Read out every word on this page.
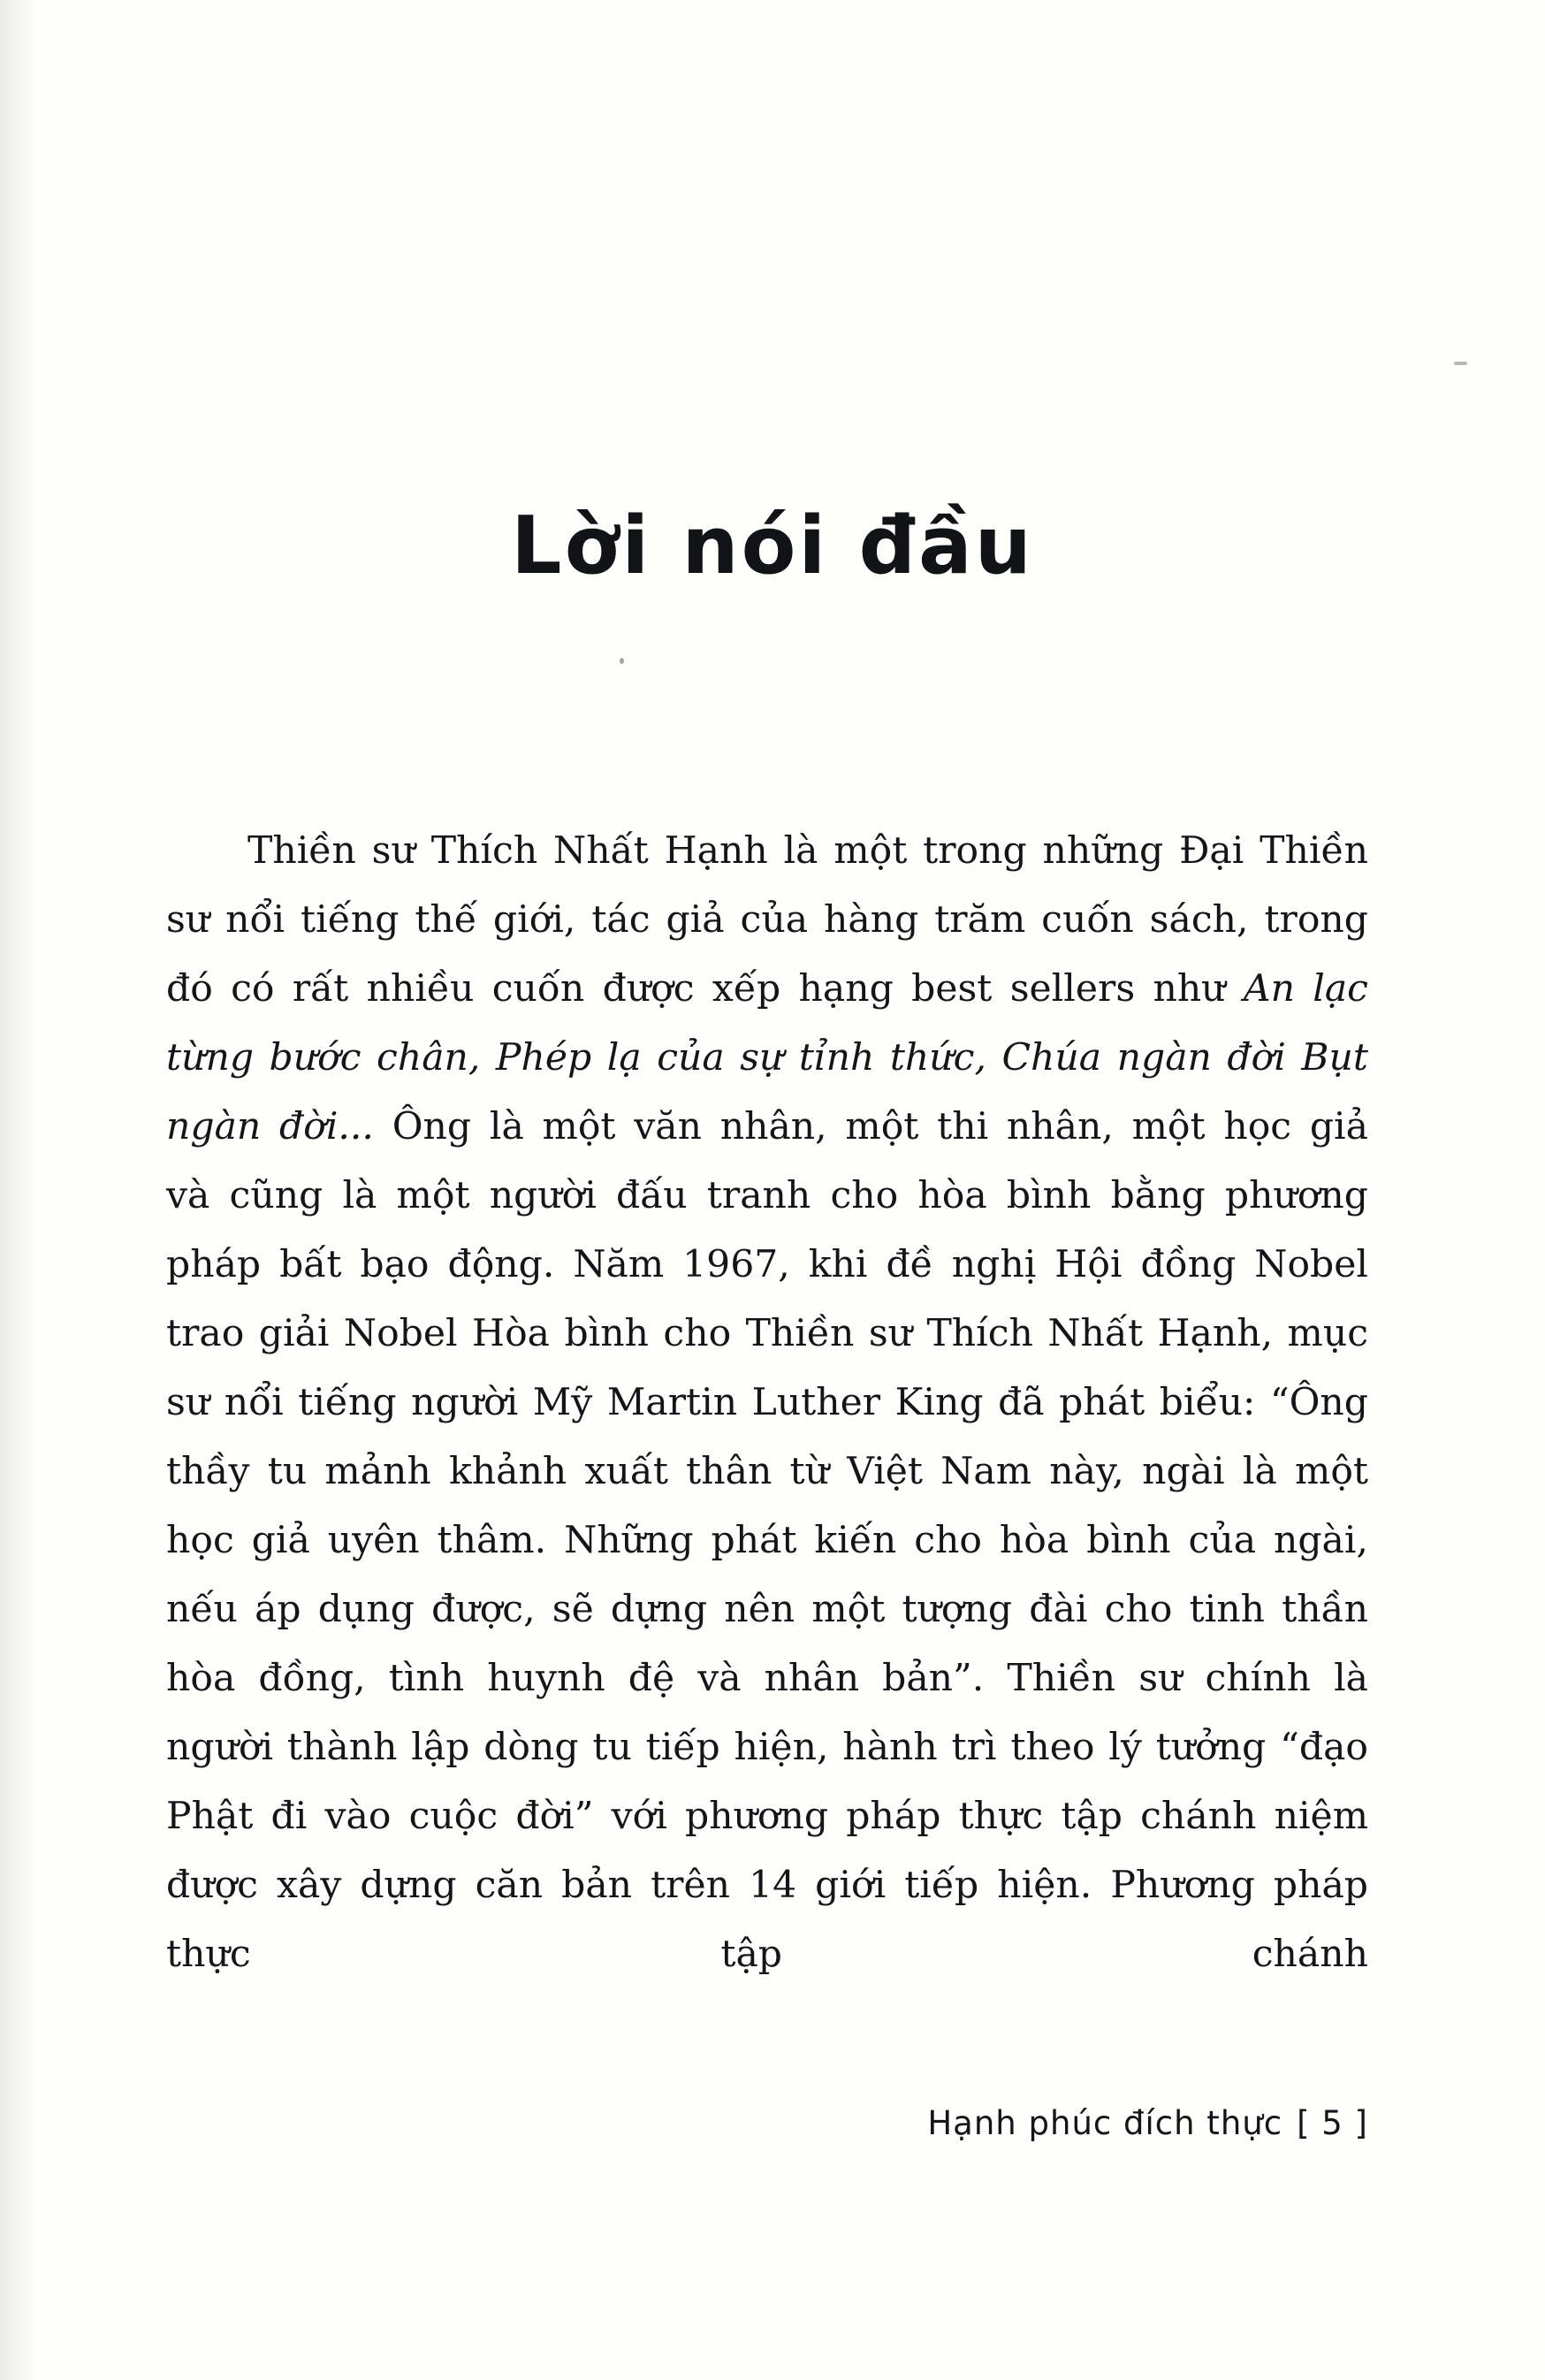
Lời nói đầu

Thiền sư Thích Nhất Hạnh là một trong những Đại Thiền sư nổi tiếng thế giới, tác giả của hàng trăm cuốn sách, trong đó có rất nhiều cuốn được xếp hạng best sellers như An lạc từng bước chân, Phép lạ của sự tỉnh thức, Chúa ngàn đời Bụt ngàn đời... Ông là một văn nhân, một thi nhân, một học giả và cũng là một người đấu tranh cho hòa bình bằng phương pháp bất bạo động. Năm 1967, khi đề nghị Hội đồng Nobel trao giải Nobel Hòa bình cho Thiền sư Thích Nhất Hạnh, mục sư nổi tiếng người Mỹ Martin Luther King đã phát biểu: “Ông thầy tu mảnh khảnh xuất thân từ Việt Nam này, ngài là một học giả uyên thâm. Những phát kiến cho hòa bình của ngài, nếu áp dụng được, sẽ dựng nên một tượng đài cho tinh thần hòa đồng, tình huynh đệ và nhân bản”. Thiền sư chính là người thành lập dòng tu tiếp hiện, hành trì theo lý tưởng “đạo Phật đi vào cuộc đời” với phương pháp thực tập chánh niệm được xây dựng căn bản trên 14 giới tiếp hiện. Phương pháp thực tập chánh

Hạnh phúc đích thực [ 5 ]
